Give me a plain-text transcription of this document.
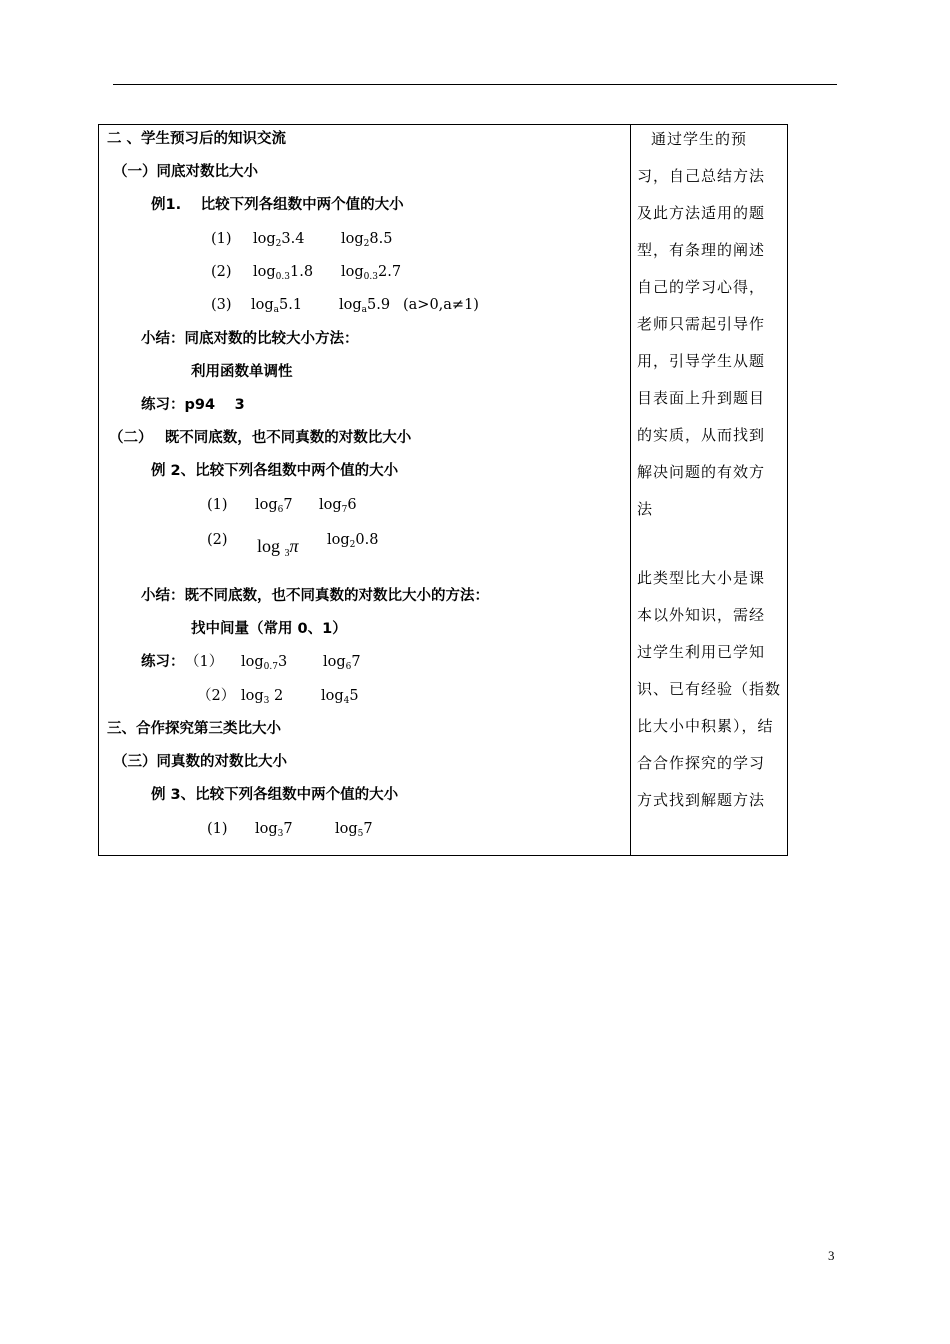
二 、学生预习后的知识交流
（一）同底对数比大小
例1.　 比较下列各组数中两个值的大小
(1) $\log_23.4$	$\log_28.5$
(2) $\log_{0.3}1.8$ $\log_{0.3}2.7$
(3) $\log_a5.1$	$\log_a5.9$ (a>0,a≠1)
小结：同底对数的比较大小方法：
利用函数单调性
练习：p94　 3
（二）　 既不同底数，也不同真数的对数比大小
例 2、比较下列各组数中两个值的大小
(1) $\log_67$ $\log_76$
(2) log $_3$π $\log_20.8$
小结：既不同底数，也不同真数的对数比大小的方法：
找中间量（常用 0、1）
练习： （1） $\log_{0.7}3$ $\log_67$
（2） $\log_3 2$	$\log_45$
三、合作探究第三类比大小
（三）同真数的对数比大小
例 3、比较下列各组数中两个值的大小
(1) $\log_37$	$\log_57$
通过学生的预
习，自己总结方法
及此方法适用的题
型，有条理的阐述
自己的学习心得，
老师只需起引导作
用，引导学生从题
目表面上升到题目
的实质，从而找到
解决问题的有效方
法
此类型比大小是课
本以外知识，需经
过学生利用已学知
识、已有经验（指数
比大小中积累），结
合合作探究的学习
方式找到解题方法
3
